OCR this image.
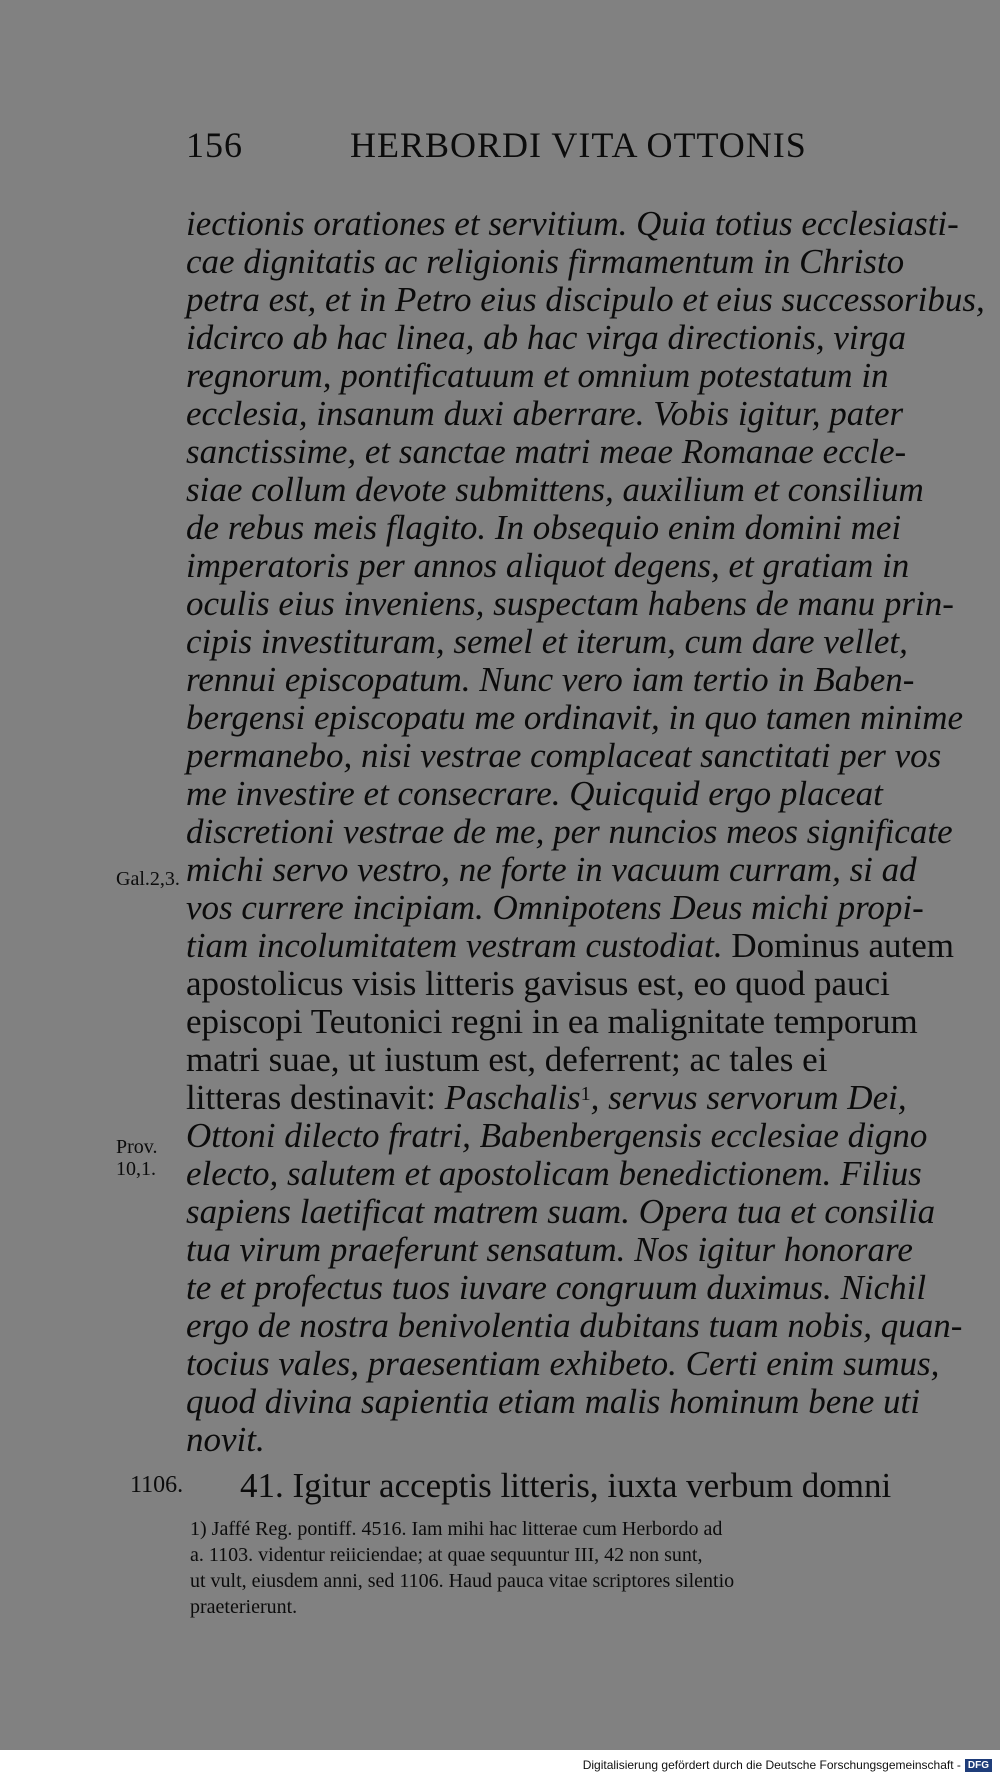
156	HERBORDI VITA OTTONIS
iectionis orationes et servitium. Quia totius ecclesiasti-
cae dignitatis ac religionis firmamentum in Christo
petra est, et in Petro eius discipulo et eius successoribus,
idcirco ab hac linea, ab hac virga directionis, virga
regnorum, pontificatuum et omnium potestatum in
ecclesia, insanum duxi aberrare. Vobis igitur, pater
sanctissime, et sanctae matri meae Romanae eccle-
siae collum devote submittens, auxilium et consilium
de rebus meis flagito. In obsequio enim domini mei
imperatoris per annos aliquot degens, et gratiam in
oculis eius inveniens, suspectam habens de manu prin-
cipis investituram, semel et iterum, cum dare vellet,
rennui episcopatum. Nunc vero iam tertio in Baben-
bergensi episcopatu me ordinavit, in quo tamen minime
permanebo, nisi vestrae complaceat sanctitati per vos
me investire et consecrare. Quicquid ergo placeat
discretioni vestrae de me, per nuncios meos significate
michi servo vestro, ne forte in vacuum curram, si ad
vos currere incipiam. Omnipotens Deus michi propi-
tiam incolumitatem vestram custodiat. Dominus autem
apostolicus visis litteris gavisus est, eo quod pauci
episcopi Teutonici regni in ea malignitate temporum
matri suae, ut iustum est, deferrent; ac tales ei
litteras destinavit: Paschalis$^1$, servus servorum Dei,
Ottoni dilecto fratri, Babenbergensis ecclesiae digno
electo, salutem et apostolicam benedictionem. Filius
sapiens laetificat matrem suam. Opera tua et consilia
tua virum praeferunt sensatum. Nos igitur honorare
te et profectus tuos iuvare congruum duximus. Nichil
ergo de nostra benivolentia dubitans tuam nobis, quan-
tocius vales, praesentiam exhibeto. Certi enim sumus,
quod divina sapientia etiam malis hominum bene uti
novit.
Gal.2,3.
Prov.
10,1.
1106. 41. Igitur acceptis litteris, iuxta verbum domni
1) Jaffé Reg. pontiff. 4516. Iam mihi hac litterae cum Herbordo ad
a. 1103. videntur reiiciendae; at quae sequuntur III, 42 non sunt,
ut vult, eiusdem anni, sed 1106. Haud pauca vitae scriptores silentio
praeterierunt.
Digitalisierung gefördert durch die Deutsche Forschungsgemeinschaft - DFG
